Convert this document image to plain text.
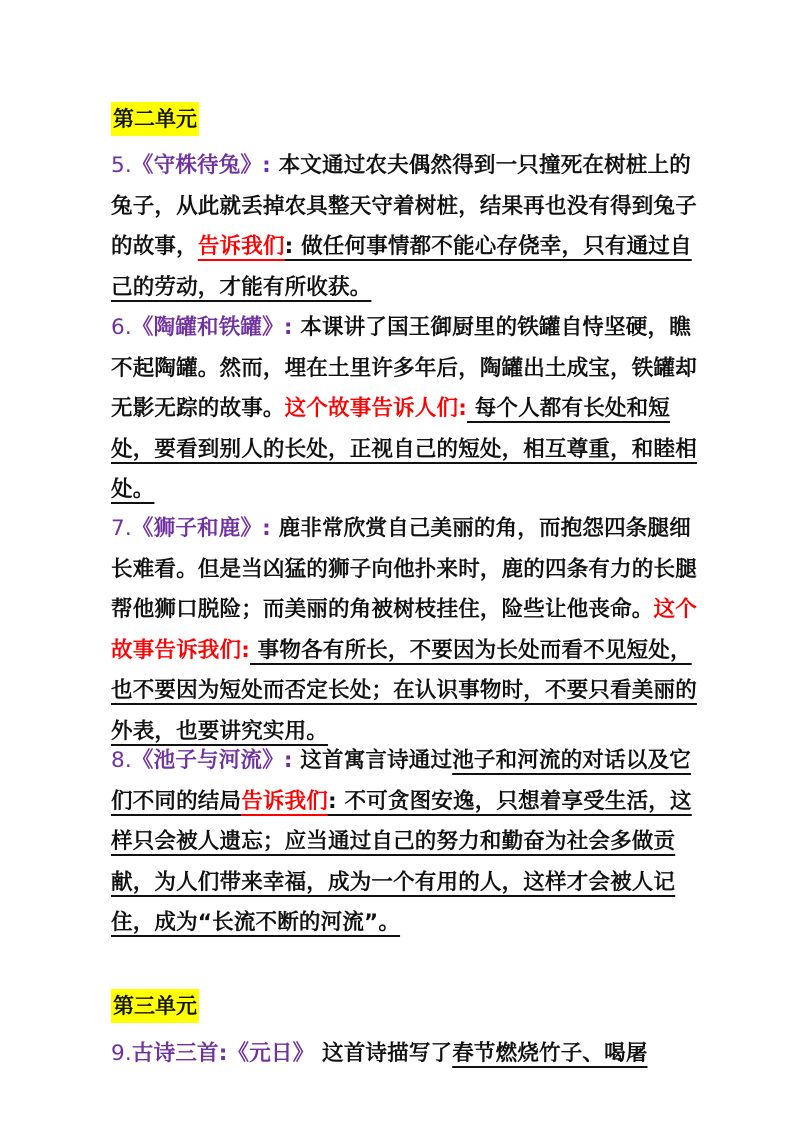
第二单元
5.《守株待兔》: 本文通过农夫偶然得到一只撞死在树桩上的兔子，从此就丢掉农具整天守着树桩，结果再也没有得到兔子的故事，告诉我们: 做任何事情都不能心存侥幸，只有通过自己的劳动，才能有所收获。
6.《陶罐和铁罐》: 本课讲了国王御厨里的铁罐自恃坚硬，瞧不起陶罐。然而，埋在土里许多年后，陶罐出土成宝，铁罐却无影无踪的故事。这个故事告诉人们: 每个人都有长处和短处，要看到别人的长处，正视自己的短处，相互尊重，和睦相处。
7.《狮子和鹿》: 鹿非常欣赏自己美丽的角，而抱怨四条腿细长难看。但是当凶猛的狮子向他扑来时，鹿的四条有力的长腿帮他狮口脱险；而美丽的角被树枝挂住，险些让他丧命。这个故事告诉我们: 事物各有所长，不要因为长处而看不见短处，也不要因为短处而否定长处；在认识事物时，不要只看美丽的外表，也要讲究实用。
8.《池子与河流》: 这首寓言诗通过池子和河流的对话以及它们不同的结局告诉我们: 不可贪图安逸，只想着享受生活，这样只会被人遗忘；应当通过自己的努力和勤奋为社会多做贡献，为人们带来幸福，成为一个有用的人，这样才会被人记住，成为“长流不断的河流”。
第三单元
9.古诗三首:《元日》 这首诗描写了春节燃烧竹子、喝屠
